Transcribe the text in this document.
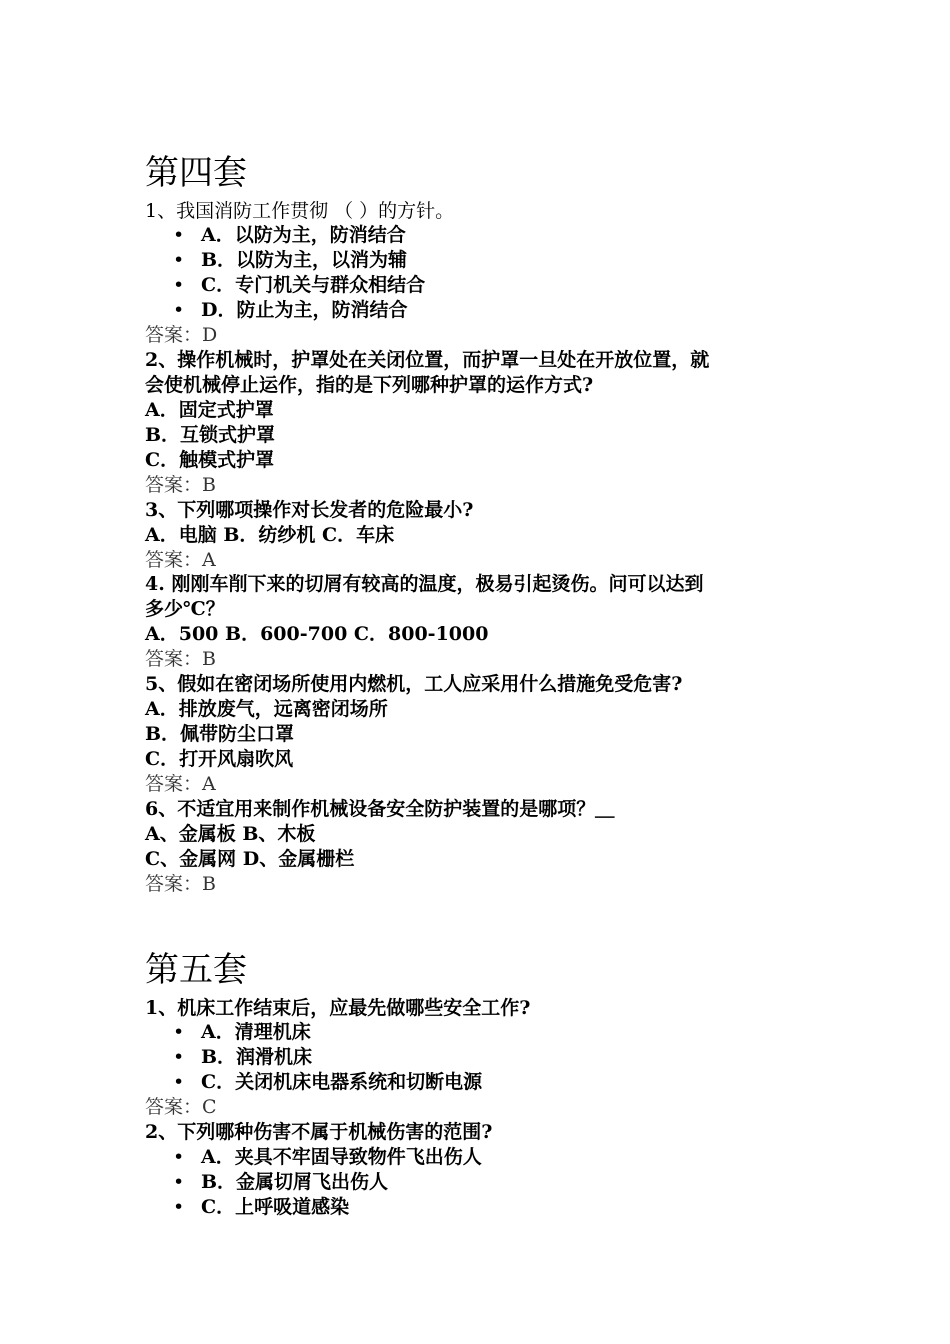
第四套
1、我国消防工作贯彻 （ ）的方针。
• A．以防为主，防消结合
• B．以防为主，以消为辅
• C．专门机关与群众相结合
• D．防止为主，防消结合
答案：D
2、操作机械时，护罩处在关闭位置，而护罩一旦处在开放位置，就
会使机械停止运作，指的是下列哪种护罩的运作方式?
A．固定式护罩
B．互锁式护罩
C．触模式护罩
答案：B
3、下列哪项操作对长发者的危险最小?
A．电脑 B．纺纱机 C．车床
答案：A
4. 刚刚车削下来的切屑有较高的温度，极易引起烫伤。问可以达到
多少℃？
A．500 B．600-700 C．800-1000
答案：B
5、假如在密闭场所使用内燃机，工人应采用什么措施免受危害?
A．排放废气，远离密闭场所
B．佩带防尘口罩
C．打开风扇吹风
答案：A
6、不适宜用来制作机械设备安全防护装置的是哪项？＿
A、金属板 B、木板
C、金属网 D、金属栅栏
答案：B
第五套
1、机床工作结束后，应最先做哪些安全工作?
• A．清理机床
• B．润滑机床
• C．关闭机床电器系统和切断电源
答案：C
2、下列哪种伤害不属于机械伤害的范围?
• A．夹具不牢固导致物件飞出伤人
• B．金属切屑飞出伤人
• C．上呼吸道感染
